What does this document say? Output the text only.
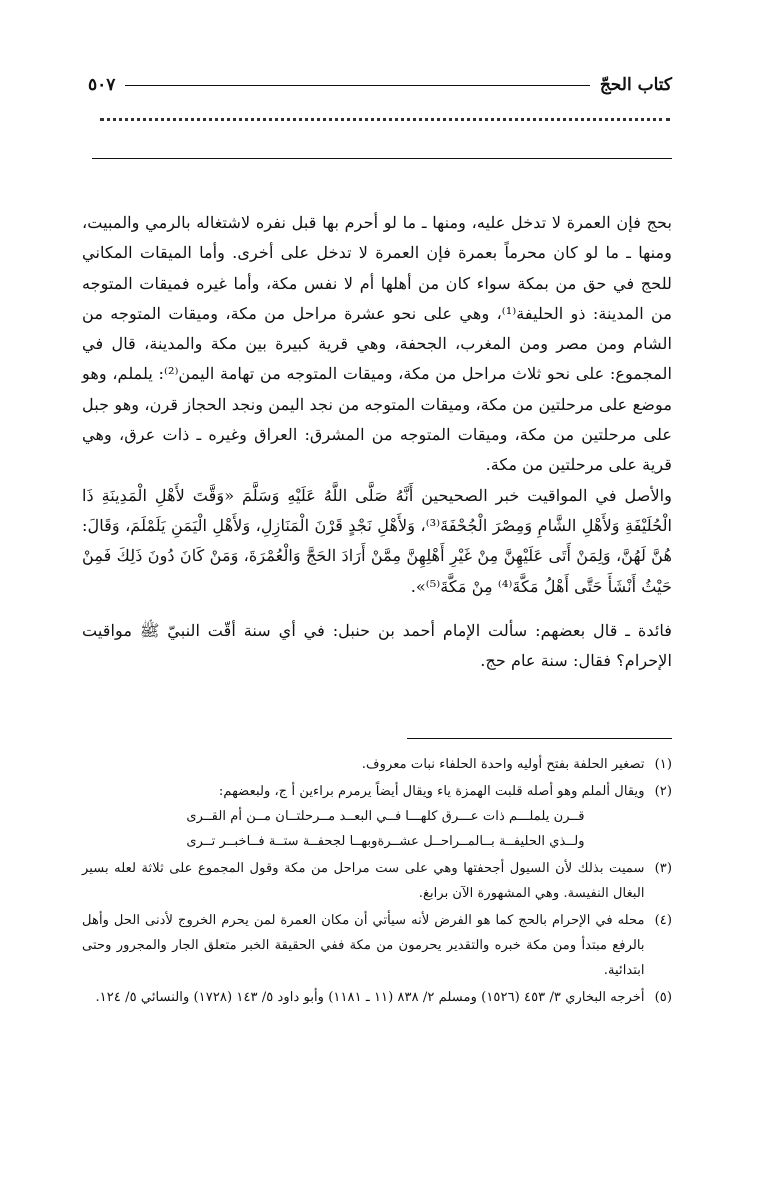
كتاب الحجّ
٥٠٧

بحج فإن العمرة لا تدخل عليه، ومنها ـ ما لو أحرم بها قبل نفره لاشتغاله بالرمي والمبيت، ومنها ـ ما لو كان محرماً بعمرة فإن العمرة لا تدخل على أخرى. وأما الميقات المكاني للحج في حق من بمكة سواء كان من أهلها أم لا نفس مكة، وأما غيره فميقات المتوجه من المدينة: ذو الحليفة⁽¹⁾، وهي على نحو عشرة مراحل من مكة، وميقات المتوجه من الشام ومن مصر ومن المغرب، الجحفة، وهي قرية كبيرة بين مكة والمدينة، قال في المجموع: على نحو ثلاث مراحل من مكة، وميقات المتوجه من تهامة اليمن⁽²⁾: يلملم، وهو موضع على مرحلتين من مكة، وميقات المتوجه من نجد اليمن ونجد الحجاز قرن، وهو جبل على مرحلتين من مكة، وميقات المتوجه من المشرق: العراق وغيره ـ ذات عرق، وهي قرية على مرحلتين من مكة.

والأصل في المواقيت خبر الصحيحين أَنَّهُ صَلَّى اللَّهُ عَلَيْهِ وَسَلَّمَ «وَقَّتَ لأَهْلِ الْمَدِينَةِ ذَا الْحُلَيْفَةِ وَلأَهْلِ الشَّامِ وَمِصْرَ الْجُحْفَةَ⁽³⁾، وَلأَهْلِ نَجْدٍ قَرْنَ الْمَنَازِلِ، وَلأَهْلِ الْيَمَنِ يَلَمْلَمَ، وَقَالَ: هُنَّ لَهُنَّ، وَلِمَنْ أَتَى عَلَيْهِنَّ مِنْ غَيْرِ أَهْلِهِنَّ مِمَّنْ أَرَادَ الحَجَّ وَالْعُمْرَةَ، وَمَنْ كَانَ دُونَ ذَلِكَ فَمِنْ حَيْثُ أَنْشَأَ حَتَّى أَهْلُ مَكَّةَ⁽⁴⁾ مِنْ مَكَّةَ⁽⁵⁾».

فائدة ـ قال بعضهم: سألت الإمام أحمد بن حنبل: في أي سنة أقّت النبيّ ﷺ مواقيت الإحرام؟ فقال: سنة عام حج.

(١)
تصغير الحلفة بفتح أوليه واحدة الحلفاء نبات معروف.
(٢)
ويقال ألملم وهو أصله قلبت الهمزة ياء ويقال أيضاً يرمرم براءين أ ج، ولبعضهم:
قــرن يلملـــم ذات عـــرق كلهـــا
فــي البعــد مــرحلتــان مــن أم القــرى
ولــذي الحليفــة بــالمــراحــل عشــرة
وبهــا لجحفــة ستــة فــاخبــر تــرى
(٣)
سميت بذلك لأن السيول أجحفتها وهي على ست مراحل من مكة وقول المجموع على ثلاثة لعله بسير البغال النفيسة. وهي المشهورة الآن برابغ.
(٤)
محله في الإحرام بالحج كما هو الفرض لأنه سيأتي أن مكان العمرة لمن يحرم الخروج لأدنى الحل وأهل بالرفع مبتدأ ومن مكة خبره والتقدير يحرمون من مكة ففي الحقيقة الخبر متعلق الجار والمجرور وحتى ابتدائية.
(٥)
أخرجه البخاري ٣/ ٤٥٣ (١٥٢٦) ومسلم ٢/ ٨٣٨ (١١ ـ ١١٨١) وأبو داود ٥/ ١٤٣ (١٧٢٨) والنسائي ٥/ ١٢٤.
